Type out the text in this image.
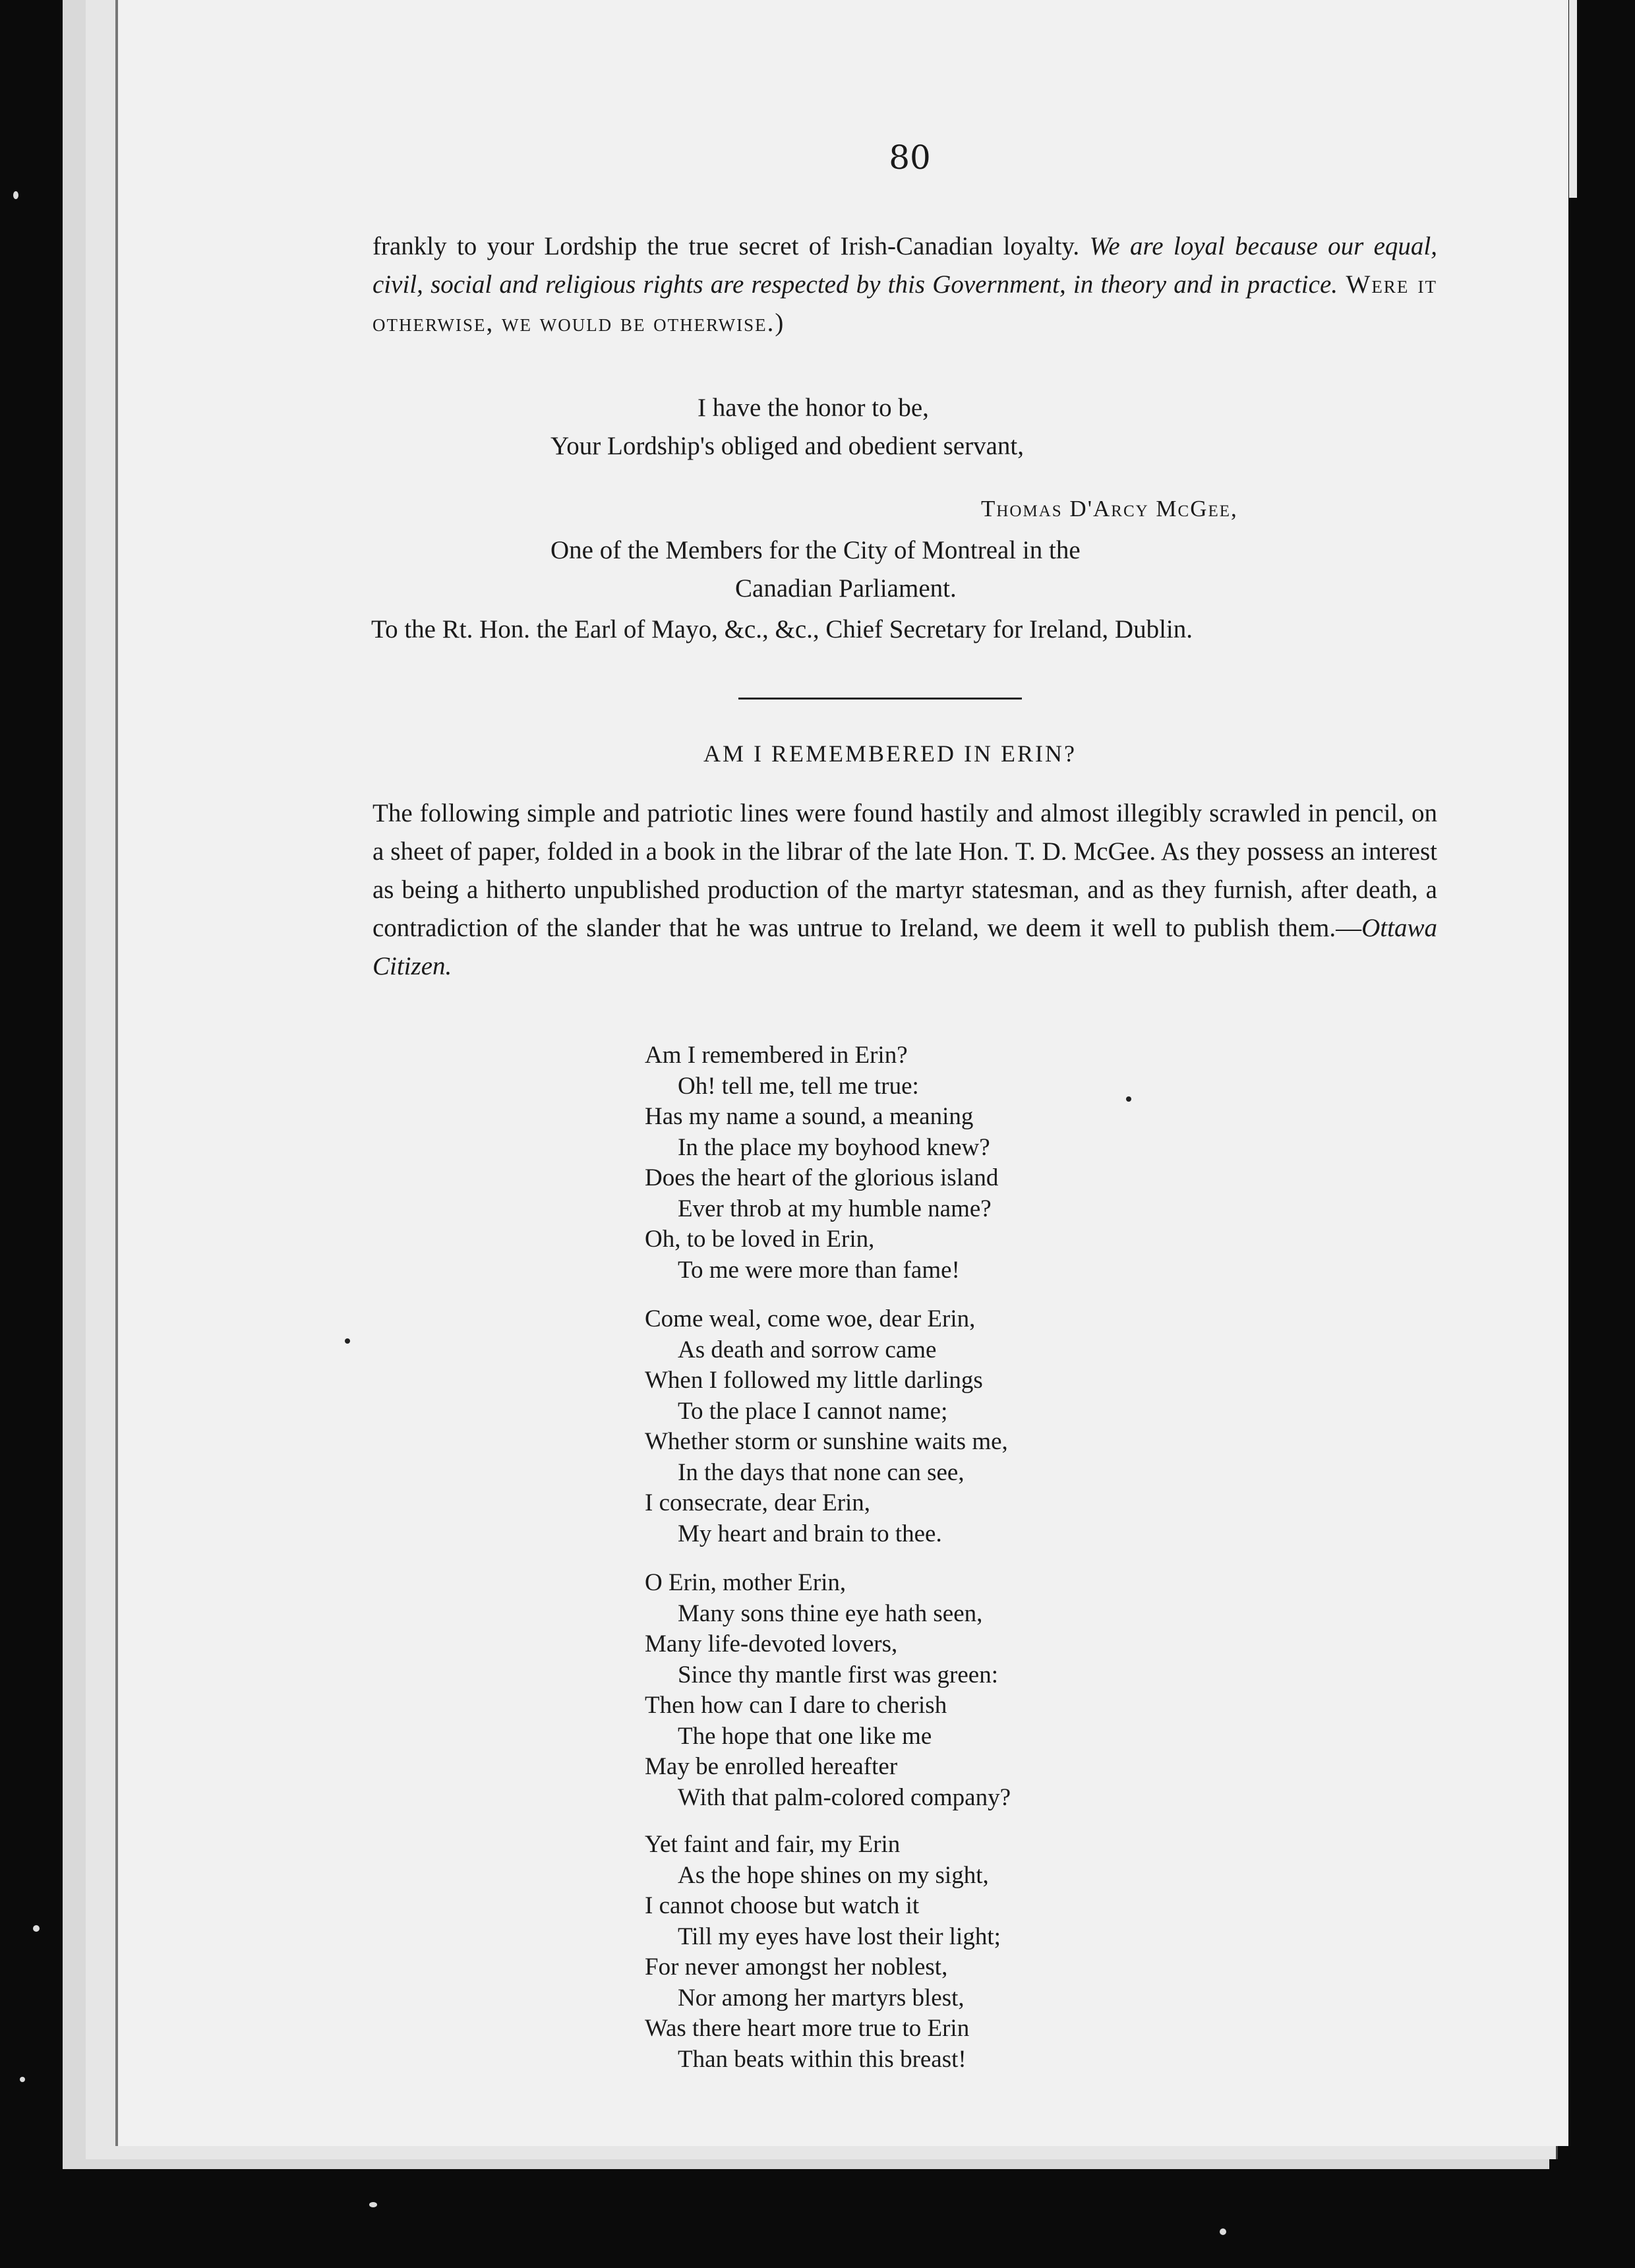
80
frankly to your Lordship the true secret of Irish-Canadian loyalty. We are loyal because our equal, civil, social and religious rights are respected by this Government, in theory and in practice. Were it otherwise, we would be otherwise.)
I have the honor to be,
Your Lordship's obliged and obedient servant,
Thomas D'Arcy McGee,
One of the Members for the City of Montreal in the
Canadian Parliament.
To the Rt. Hon. the Earl of Mayo, &c., &c., Chief Secretary for Ireland, Dublin.
AM I REMEMBERED IN ERIN?
The following simple and patriotic lines were found hastily and almost illegibly scrawled in pencil, on a sheet of paper, folded in a book in the librar of the late Hon. T. D. McGee. As they possess an interest as being a hitherto unpublished production of the martyr statesman, and as they furnish, after death, a contradiction of the slander that he was untrue to Ireland, we deem it well to publish them.—Ottawa Citizen.
Am I remembered in Erin?
Oh! tell me, tell me true:
Has my name a sound, a meaning
In the place my boyhood knew?
Does the heart of the glorious island
Ever throb at my humble name?
Oh, to be loved in Erin,
To me were more than fame!
Come weal, come woe, dear Erin,
As death and sorrow came
When I followed my little darlings
To the place I cannot name;
Whether storm or sunshine waits me,
In the days that none can see,
I consecrate, dear Erin,
My heart and brain to thee.
O Erin, mother Erin,
Many sons thine eye hath seen,
Many life-devoted lovers,
Since thy mantle first was green:
Then how can I dare to cherish
The hope that one like me
May be enrolled hereafter
With that palm-colored company?
Yet faint and fair, my Erin
As the hope shines on my sight,
I cannot choose but watch it
Till my eyes have lost their light;
For never amongst her noblest,
Nor among her martyrs blest,
Was there heart more true to Erin
Than beats within this breast!
